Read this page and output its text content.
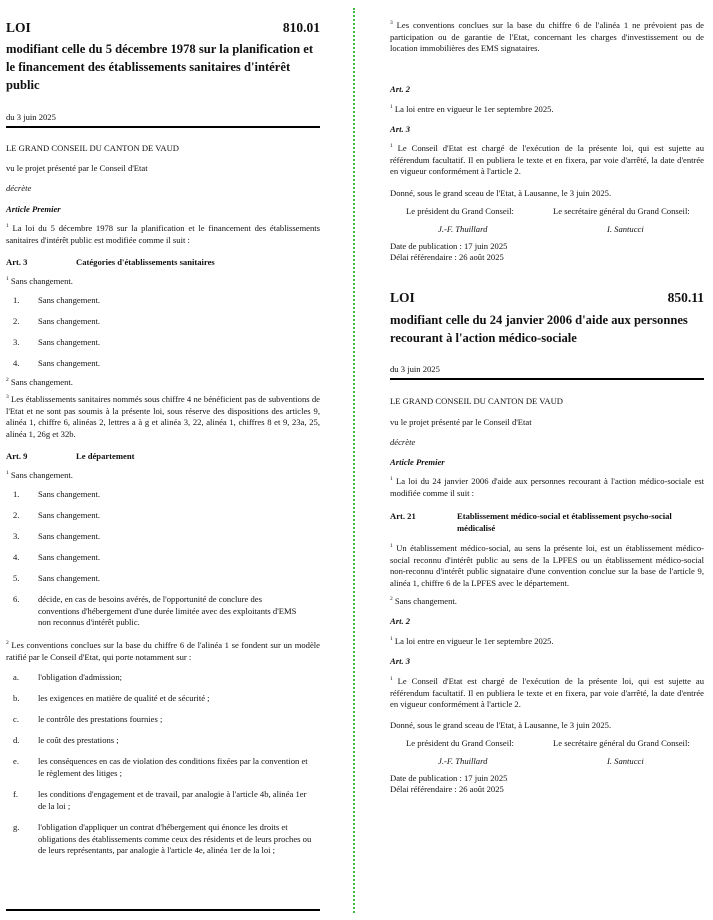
LOI	810.01
modifiant celle du 5 décembre 1978 sur la planification et le financement des établissements sanitaires d'intérêt public
du 3 juin 2025
LE GRAND CONSEIL DU CANTON DE VAUD
vu le projet présenté par le Conseil d'Etat
décrète
Article Premier
$^1$ La loi du 5 décembre 1978 sur la planification et le financement des établissements sanitaires d'intérêt public est modifiée comme il suit :
Art. 3	Catégories d'établissements sanitaires
$^1$ Sans changement.
1. Sans changement.
2. Sans changement.
3. Sans changement.
4. Sans changement.
$^2$ Sans changement.
$^3$ Les établissements sanitaires nommés sous chiffre 4 ne bénéficient pas de subventions de l'Etat et ne sont pas soumis à la présente loi, sous réserve des dispositions des articles 9, alinéa 1, chiffre 6, alinéas 2, lettres a à g et alinéa 3, 22, alinéa 1, chiffres 8 et 9, 23a, 25, alinéa 1, 26g et 32b.
Art. 9	Le département
$^1$ Sans changement.
1. Sans changement.
2. Sans changement.
3. Sans changement.
4. Sans changement.
5. Sans changement.
6. décide, en cas de besoins avérés, de l'opportunité de conclure des conventions d'hébergement d'une durée limitée avec des exploitants d'EMS non reconnus d'intérêt public.
$^2$ Les conventions conclues sur la base du chiffre 6 de l'alinéa 1 se fondent sur un modèle ratifié par le Conseil d'Etat, qui porte notamment sur :
a. l'obligation d'admission;
b. les exigences en matière de qualité et de sécurité ;
c. le contrôle des prestations fournies ;
d. le coût des prestations ;
e. les conséquences en cas de violation des conditions fixées par la convention et le règlement des litiges ;
f. les conditions d'engagement et de travail, par analogie à l'article 4b, alinéa 1er de la loi ;
g. l'obligation d'appliquer un contrat d'hébergement qui énonce les droits et obligations des établissements comme ceux des résidents et de leurs proches ou de leurs représentants, par analogie à l'article 4e, alinéa 1er de la loi ;
$^3$ Les conventions conclues sur la base du chiffre 6 de l'alinéa 1 ne prévoient pas de participation ou de garantie de l'Etat, concernant les charges d'investissement ou de location immobilières des EMS signataires.
Art. 2
$^1$ La loi entre en vigueur le 1er septembre 2025.
Art. 3
$^1$ Le Conseil d'Etat est chargé de l'exécution de la présente loi, qui est sujette au référendum facultatif. Il en publiera le texte et en fixera, par voie d'arrêté, la date d'entrée en vigueur conformément à l'article 2.
Donné, sous le grand sceau de l'Etat, à Lausanne, le 3 juin 2025.
Le président du Grand Conseil:	Le secrétaire général du Grand Conseil:
J.-F. Thuillard	I. Santucci
Date de publication : 17 juin 2025
Délai référendaire : 26 août 2025
LOI	850.11
modifiant celle du 24 janvier 2006 d'aide aux personnes recourant à l'action médico-sociale
du 3 juin 2025
LE GRAND CONSEIL DU CANTON DE VAUD
vu le projet présenté par le Conseil d'Etat
décrète
Article Premier
$^1$ La loi du 24 janvier 2006 d'aide aux personnes recourant à l'action médico-sociale est modifiée comme il suit :
Art. 21	Etablissement médico-social et établissement psycho-social médicalisé
$^1$ Un établissement médico-social, au sens la présente loi, est un établissement médico-social reconnu d'intérêt public au sens de la LPFES ou un établissement médico-social non-reconnu d'intérêt public signataire d'une convention conclue sur la base de l'article 9, alinéa 1, chiffre 6 de la LPFES avec le département.
$^2$ Sans changement.
Art. 2
$^1$ La loi entre en vigueur le 1er septembre 2025.
Art. 3
$^1$ Le Conseil d'Etat est chargé de l'exécution de la présente loi, qui est sujette au référendum facultatif. Il en publiera le texte et en fixera, par voie d'arrêté, la date d'entrée en vigueur conformément à l'article 2.
Donné, sous le grand sceau de l'Etat, à Lausanne, le 3 juin 2025.
Le président du Grand Conseil:	Le secrétaire général du Grand Conseil:
J.-F. Thuillard	I. Santucci
Date de publication : 17 juin 2025
Délai référendaire : 26 août 2025
